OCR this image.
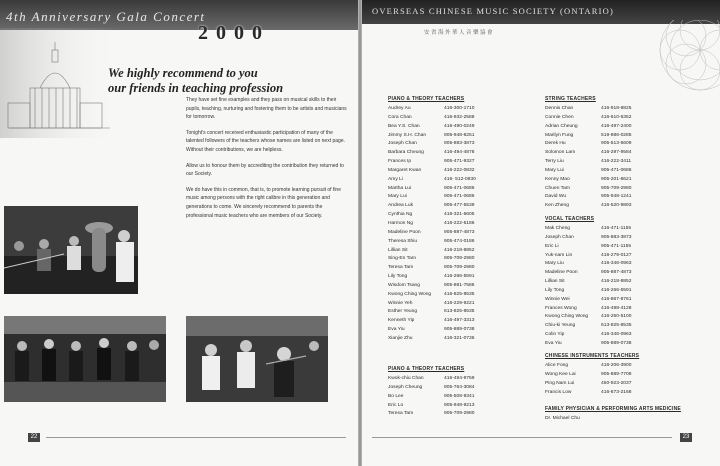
4th Anniversary Gala Concert
2000
We highly recommend to you
our friends in teaching profession

They have set fine examples and they pass on musical skills to their pupils, teaching, nurturing and fostering them to be artists and musicians for tomorrow.

Tonight's concert received enthusiastic participation of many of the talented followers of the teachers whose names are listed on next page. Without their contributions, we are helpless.

Allow us to honour them by accrediting the contribution they returned to our Society.

We do have this in common, that is, to promote learning pursuit of fine music among persons with the right calibre in this generation and generations to come. We sincerely recommend to parents the professional music teachers who are members of our Society.

22
OVERSEAS CHINESE MUSIC SOCIETY (ONTARIO)
安省海外華人音樂協會
PIANO & THEORY TEACHERS
Audrey Au	416-300-1710
Cora Chan	416-932-2588
Bea Y.S. Chan	416-490-0249
Jimmy S.H. Chan	905-948-8251
Joseph Chan	905-883-3873
Barbara Cheung	416-494-4878
Frances Ip	905-471-9327
Margaret Kwan	416-222-0832
Amy Li	416- 512-0830
Martha Lui	905-471-0686
Mary Lui	905-471-0686
Andrea Luk	905-477-5539
Cynthia Ng	416-321-5605
Harmon Ng	416-222-5186
Madeline Poon	905-887-4873
Theresa Shiu	905-474-0186
Lillian Sit	416-218-8852
Sing-En Tam	905-709-2980
Teresa Tam	905-709-2980
Lily Tong	416-266-5591
Wisdom Tsang	905-881-7586
Kwong Ching Wong	416-825-8535
Winnie Yeh	416-229-9221
Esther Yeung	613-825-8535
Kenneth Yip	416-497-3313
Eva Yiu	905-889-0738
Xianjie Zhu	416-321-0736
PIANO & THEORY TEACHERS
Kwok-chiu Chan	416-494-9759
Joseph Cheung	905-764-3084
Bo Lee	905-508-9341
Eric Lo	905-948-9213
Teresa Tam	905-709-2980
STRING TEACHERS
Dennis Chan	416-918-8825
Connie Chen	416-610-6352
Adrian Cheung	416-497-2400
Marilyn Fung	519-886-0285
Derek Hu	905-513-5609
Solomon Lam	416-297-9584
Terry Liu	416-222-3411
Mary Lui	905-471-0686
Kenny Mao	905-201-8621
Chuen Tam	905-709-2980
David Wu	905-948-1241
Ken Zheng	416-520-9893
VOCAL TEACHERS
Mak Cheng	416-471-1155
Joseph Chan	905-883-3873
Eric Li	905-471-1155
Yuk-nam Lin	416-279-0127
Mary Liu	416-346-0963
Madeline Poon	905-887-4873
Lillian Sit	416-218-8852
Lily Tong	416-266-5591
Winnie Wei	416-867-8761
Frances Wong	416-498-4128
Kwong Ching Wong	416-250-5100
Chiu-ki Yeung	613-825-8535
Colin Yip	416-346-0963
Eva Yiu	905-889-0738
CHINESE INSTRUMENTS TEACHERS
Alice Fong	416-206-3900
Wong Kee Lai	905-889-7708
Ping Nam Lui	450-923-2037
Francis Low	416-873-2168
FAMILY PHYSICIAN & PERFORMING ARTS MEDICINE
Dr. Michael Chu
23
